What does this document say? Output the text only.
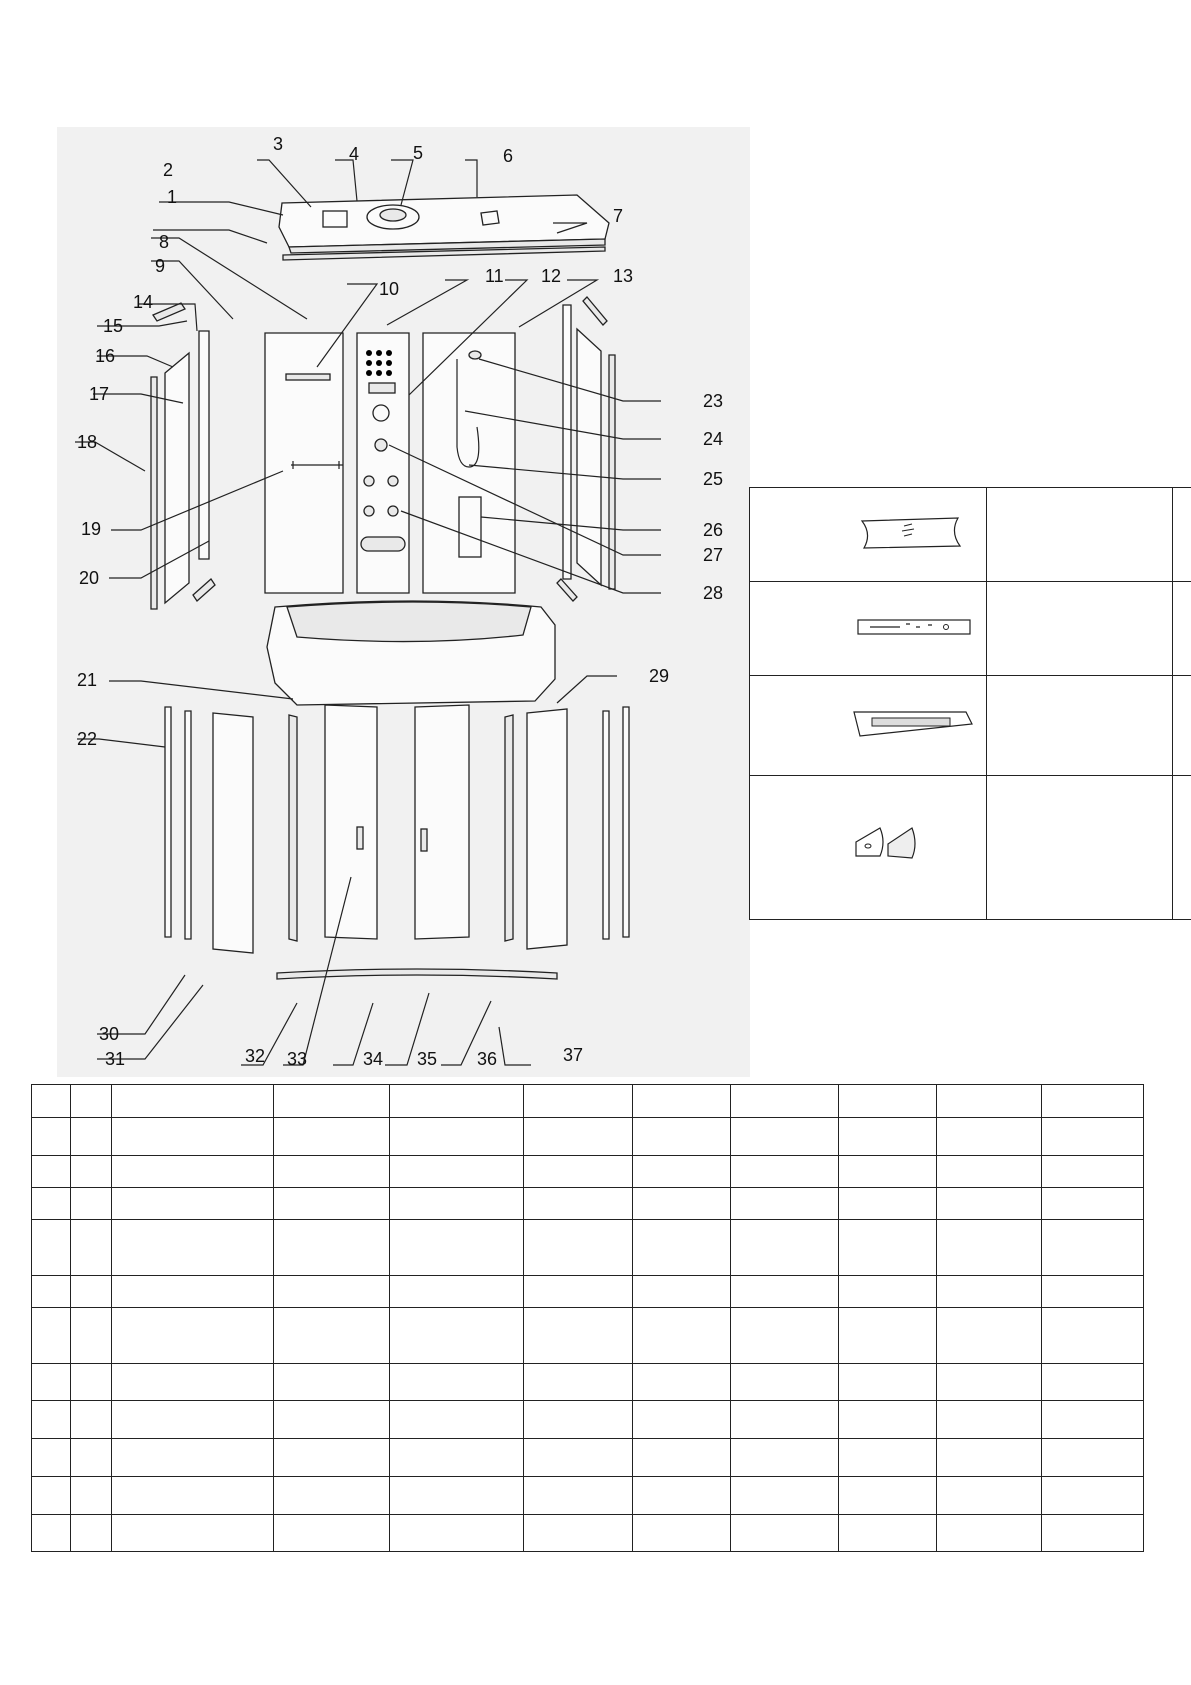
1
2
3	4	5	6
7
8
9
10
11 12	13
14
15
16
17
18
19
20
21
22
23
24
25
26
27
28
29
30
31	32 33	34 35 36	37
